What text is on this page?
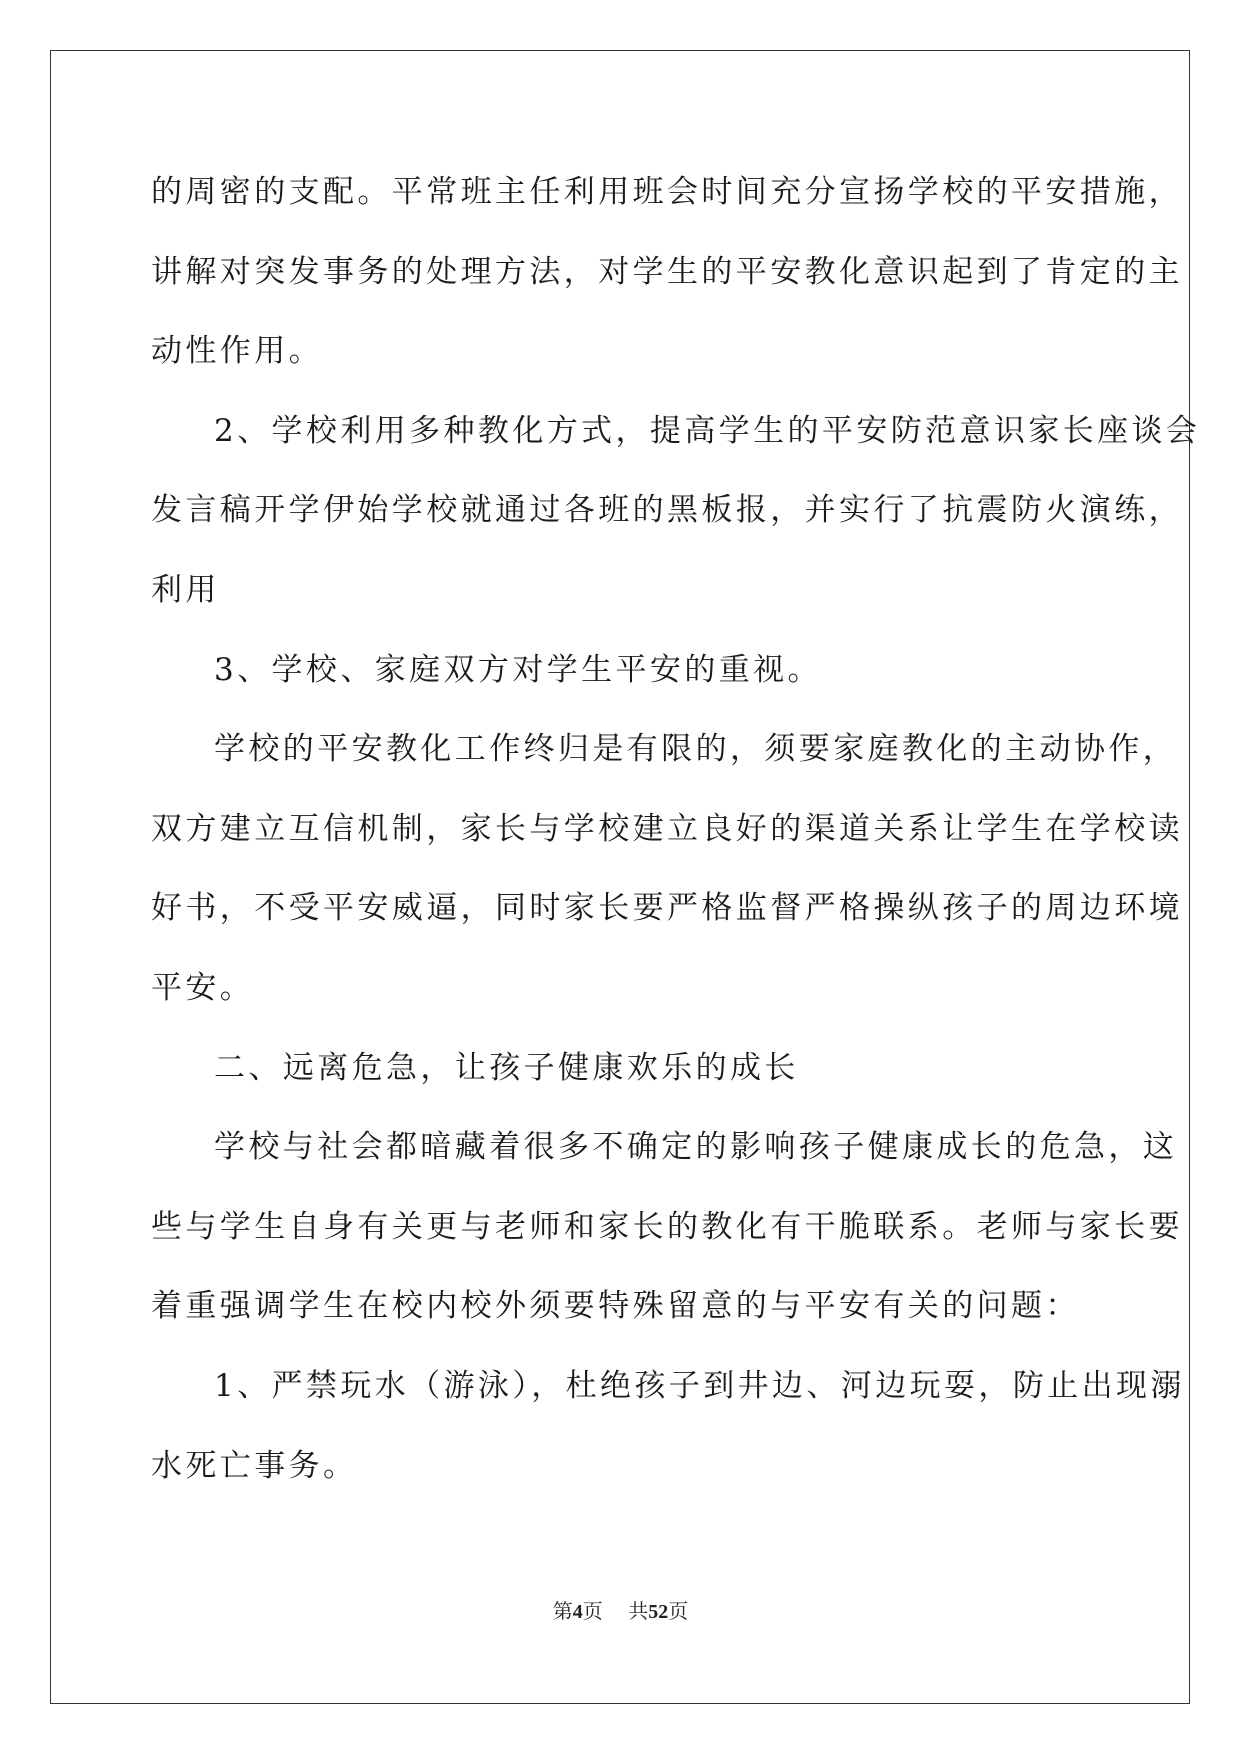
的周密的支配。平常班主任利用班会时间充分宣扬学校的平安措施，
讲解对突发事务的处理方法，对学生的平安教化意识起到了肯定的主
动性作用。
2、学校利用多种教化方式，提高学生的平安防范意识家长座谈会
发言稿开学伊始学校就通过各班的黑板报，并实行了抗震防火演练，
利用
3、学校、家庭双方对学生平安的重视。
学校的平安教化工作终归是有限的，须要家庭教化的主动协作，
双方建立互信机制，家长与学校建立良好的渠道关系让学生在学校读
好书，不受平安威逼，同时家长要严格监督严格操纵孩子的周边环境
平安。
二、远离危急，让孩子健康欢乐的成长
学校与社会都暗藏着很多不确定的影响孩子健康成长的危急，这
些与学生自身有关更与老师和家长的教化有干脆联系。老师与家长要
着重强调学生在校内校外须要特殊留意的与平安有关的问题：
1、严禁玩水（游泳），杜绝孩子到井边、河边玩耍，防止出现溺
水死亡事务。
第4页 共52页
